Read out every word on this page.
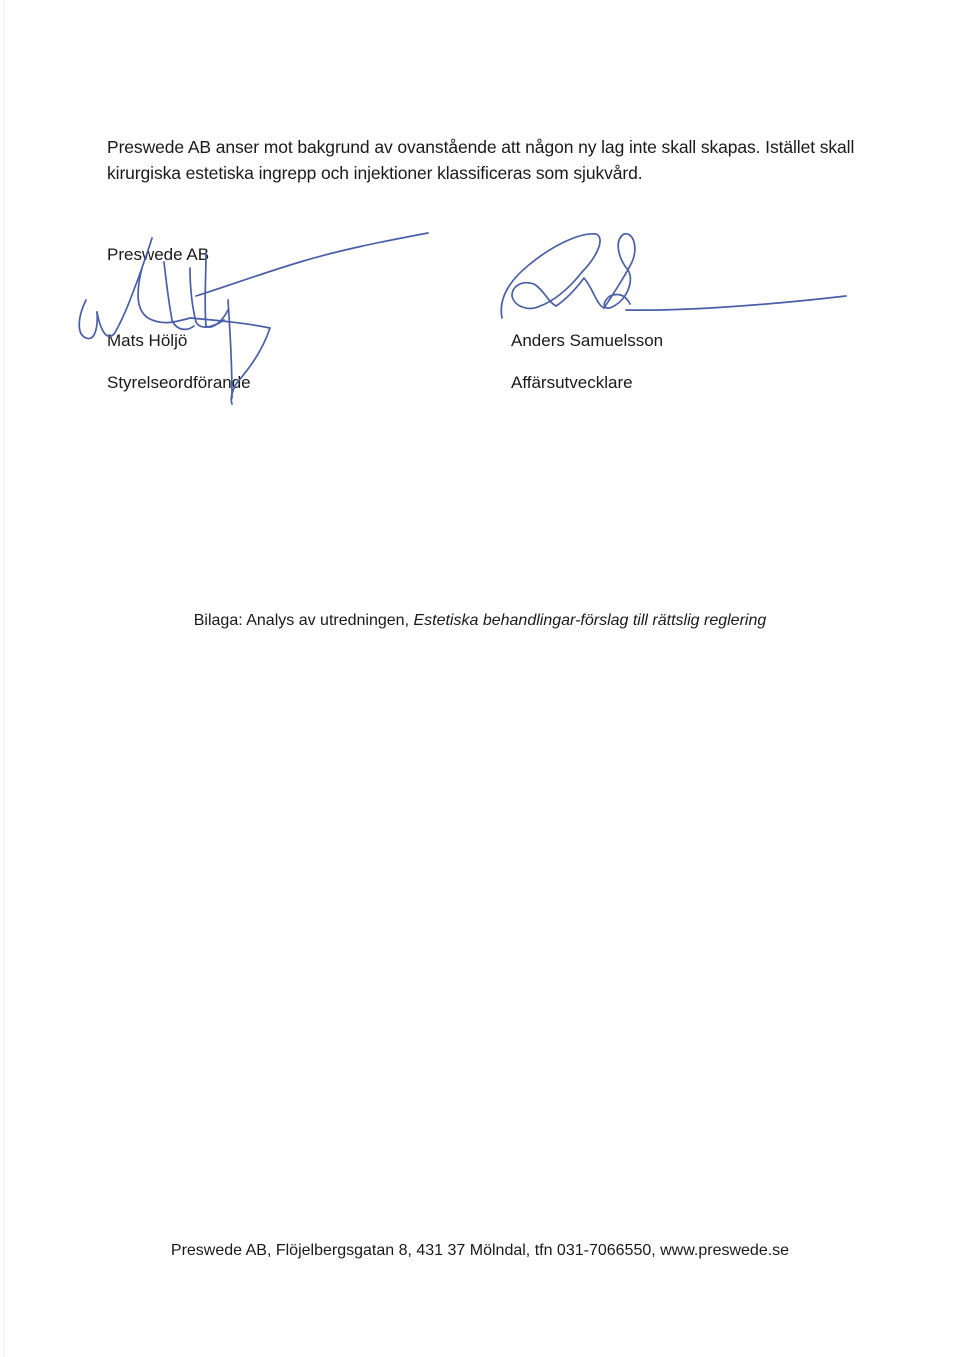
Preswede AB anser mot bakgrund av ovanstående att någon ny lag inte skall skapas. Istället skall kirurgiska estetiska ingrepp och injektioner klassificeras som sjukvård.

Preswede AB
Mats Höljö
Styrelseordförande
Anders Samuelsson
Affärsutvecklare
Bilaga: Analys av utredningen, Estetiska behandlingar-förslag till rättslig reglering
Preswede AB, Flöjelbergsgatan 8, 431 37 Mölndal, tfn 031-7066550, www.preswede.se
